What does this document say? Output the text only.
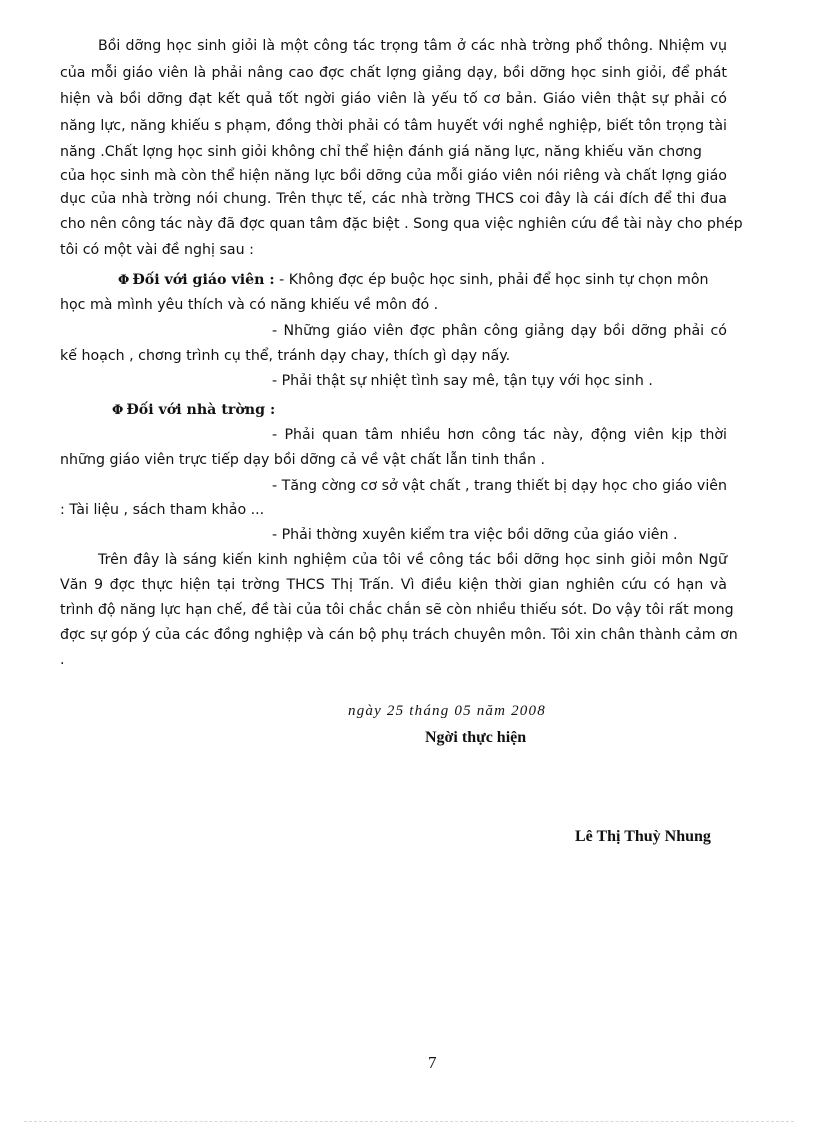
Bồi dỡng học sinh giỏi là một công tác trọng tâm ở các nhà trờng phổ thông. Nhiệm vụ
của mỗi giáo viên là phải nâng cao đợc chất lợng giảng dạy, bồi dỡng học sinh giỏi, để phát
hiện và bồi dỡng đạt kết quả tốt ngời giáo viên là yếu tố cơ bản. Giáo viên thật sự phải có
năng lực, năng khiếu s phạm, đồng thời phải có tâm huyết với nghề nghiệp, biết tôn trọng tài
năng .Chất lợng học sinh giỏi không chỉ thể hiện đánh giá năng lực, năng khiếu văn chơng
của học sinh mà còn thể hiện năng lực bồi dỡng của mỗi giáo viên nói riêng và chất lợng giáo
dục của nhà trờng nói chung. Trên thực tế, các nhà trờng THCS coi đây là cái đích để thi đua
cho nên công tác này đã đợc quan tâm đặc biệt . Song qua việc nghiên cứu đề tài này cho phép
tôi có một vài đề nghị sau :
Φ Đối với giáo viên : - Không đợc ép buộc học sinh, phải để học sinh tự chọn môn
học mà mình yêu thích và có năng khiếu về môn đó .
- Những giáo viên đợc phân công giảng dạy bồi dỡng phải có
kế hoạch , chơng trình cụ thể, tránh dạy chay, thích gì dạy nấy.
- Phải thật sự nhiệt tình say mê, tận tụy với học sinh .
Φ Đối với nhà trờng :
- Phải quan tâm nhiều hơn công tác này, động viên kịp thời
những giáo viên trực tiếp dạy bồi dỡng cả về vật chất lẫn tinh thần .
- Tăng cờng cơ sở vật chất , trang thiết bị dạy học cho giáo viên
: Tài liệu , sách tham khảo ...
- Phải thờng xuyên kiểm tra việc bồi dỡng của giáo viên .
Trên đây là sáng kiến kinh nghiệm của tôi về công tác bồi dỡng học sinh giỏi môn Ngữ
Văn 9 đợc thực hiện tại trờng THCS Thị Trấn. Vì điều kiện thời gian nghiên cứu có hạn và
trình độ năng lực hạn chế, đề tài của tôi chắc chắn sẽ còn nhiều thiếu sót. Do vậy tôi rất mong
đợc sự góp ý của các đồng nghiệp và cán bộ phụ trách chuyên môn. Tôi xin chân thành cảm ơn
.
ngày 25 tháng 05 năm 2008
Ngời thực hiện
Lê Thị Thuỳ Nhung
7
